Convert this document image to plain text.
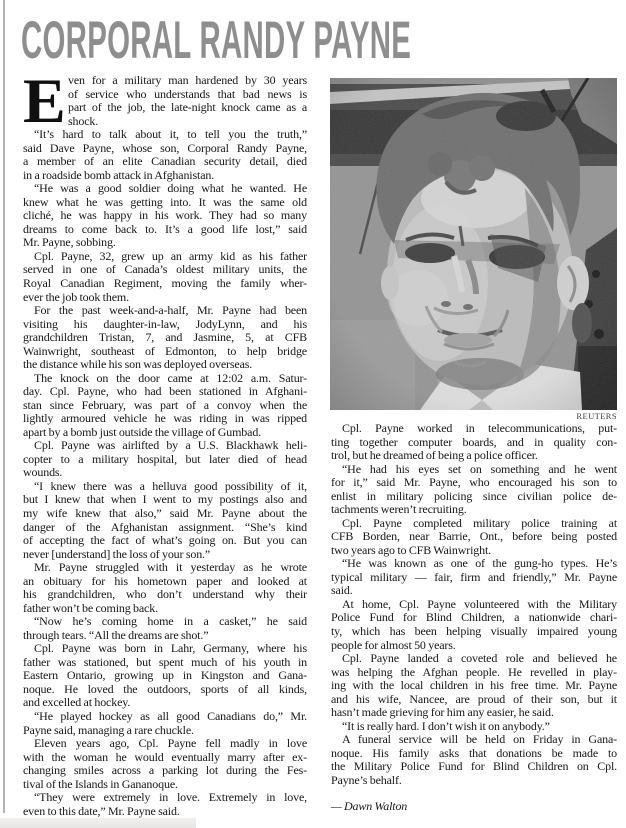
CORPORAL RANDY PAYNE
E ven for a military man hardened by 30 years
of service who understands that bad news is
part of the job, the late-night knock came as a
shock.
“It’s hard to talk about it, to tell you the truth,”
said Dave Payne, whose son, Corporal Randy Payne,
a member of an elite Canadian security detail, died
in a roadside bomb attack in Afghanistan.
“He was a good soldier doing what he wanted. He
knew what he was getting into. It was the same old
cliché, he was happy in his work. They had so many
dreams to come back to. It’s a good life lost,” said
Mr. Payne, sobbing.
Cpl. Payne, 32, grew up an army kid as his father
served in one of Canada’s oldest military units, the
Royal Canadian Regiment, moving the family wher-
ever the job took them.
For the past week-and-a-half, Mr. Payne had been
visiting his daughter-in-law, JodyLynn, and his
grandchildren Tristan, 7, and Jasmine, 5, at CFB
Wainwright, southeast of Edmonton, to help bridge
the distance while his son was deployed overseas.
The knock on the door came at 12:02 a.m. Satur-
day. Cpl. Payne, who had been stationed in Afghani-
stan since February, was part of a convoy when the
lightly armoured vehicle he was riding in was ripped
apart by a bomb just outside the village of Gumbad.
Cpl. Payne was airlifted by a U.S. Blackhawk heli-
copter to a military hospital, but later died of head
wounds.
“I knew there was a helluva good possibility of it,
but I knew that when I went to my postings also and
my wife knew that also,” said Mr. Payne about the
danger of the Afghanistan assignment. “She’s kind
of accepting the fact of what’s going on. But you can
never [understand] the loss of your son.”
Mr. Payne struggled with it yesterday as he wrote
an obituary for his hometown paper and looked at
his grandchildren, who don’t understand why their
father won’t be coming back.
“Now he’s coming home in a casket,” he said
through tears. “All the dreams are shot.”
Cpl. Payne was born in Lahr, Germany, where his
father was stationed, but spent much of his youth in
Eastern Ontario, growing up in Kingston and Gana-
noque. He loved the outdoors, sports of all kinds,
and excelled at hockey.
“He played hockey as all good Canadians do,” Mr.
Payne said, managing a rare chuckle.
Eleven years ago, Cpl. Payne fell madly in love
with the woman he would eventually marry after ex-
changing smiles across a parking lot during the Fes-
tival of the Islands in Gananoque.
“They were extremely in love. Extremely in love,
even to this date,” Mr. Payne said.
REUTERS
Cpl. Payne worked in telecommunications, put-
ting together computer boards, and in quality con-
trol, but he dreamed of being a police officer.
“He had his eyes set on something and he went
for it,” said Mr. Payne, who encouraged his son to
enlist in military policing since civilian police de-
tachments weren’t recruiting.
Cpl. Payne completed military police training at
CFB Borden, near Barrie, Ont., before being posted
two years ago to CFB Wainwright.
“He was known as one of the gung-ho types. He’s
typical military — fair, firm and friendly,” Mr. Payne
said.
At home, Cpl. Payne volunteered with the Military
Police Fund for Blind Children, a nationwide chari-
ty, which has been helping visually impaired young
people for almost 50 years.
Cpl. Payne landed a coveted role and believed he
was helping the Afghan people. He revelled in play-
ing with the local children in his free time. Mr. Payne
and his wife, Nancee, are proud of their son, but it
hasn’t made grieving for him any easier, he said.
“It is really hard. I don’t wish it on anybody.”
A funeral service will be held on Friday in Gana-
noque. His family asks that donations be made to
the Military Police Fund for Blind Children on Cpl.
Payne’s behalf.
— Dawn Walton
